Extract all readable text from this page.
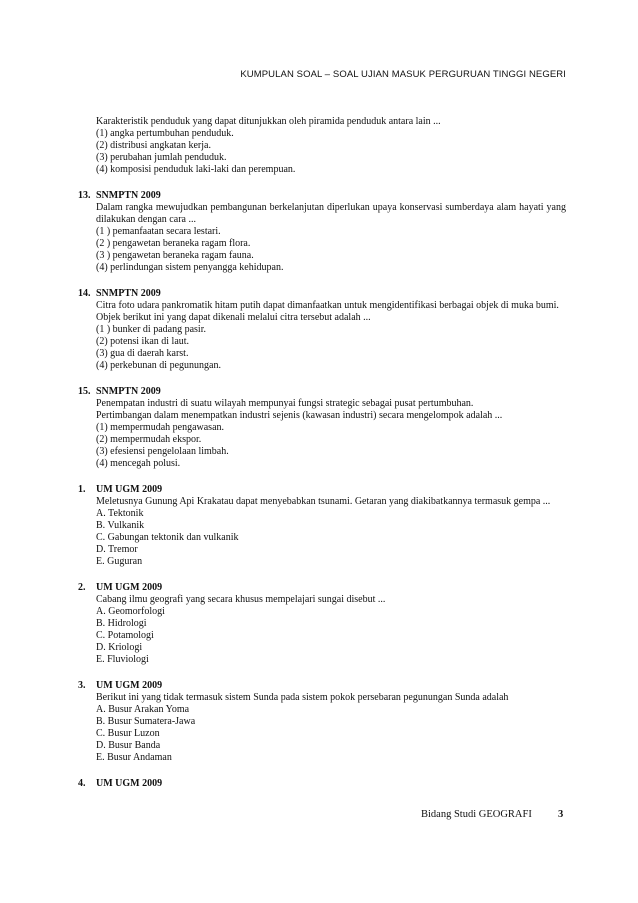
KUMPULAN SOAL – SOAL UJIAN MASUK PERGURUAN TINGGI NEGERI

Karakteristik penduduk yang dapat ditunjukkan oleh piramida penduduk antara lain ...

(1) angka pertumbuhan penduduk.
(2) distribusi angkatan kerja.
(3) perubahan jumlah penduduk.
(4) komposisi penduduk laki-laki dan perempuan.
13. SNMPTN 2009

Dalam rangka mewujudkan pembangunan berkelanjutan diperlukan upaya konservasi sumberdaya alam hayati yang dilakukan dengan cara ...

(1 ) pemanfaatan secara lestari.
(2 ) pengawetan beraneka ragam flora.
(3 ) pengawetan beraneka ragam fauna.
(4) perlindungan sistem penyangga kehidupan.
14. SNMPTN 2009

Citra foto udara pankromatik hitam putih dapat dimanfaatkan untuk mengidentifikasi berbagai objek di muka bumi.

Objek berikut ini yang dapat dikenali melalui citra tersebut adalah ...

(1 ) bunker di padang pasir.
(2) potensi ikan di laut.
(3) gua di daerah karst.
(4) perkebunan di pegunungan.
15. SNMPTN 2009

Penempatan industri di suatu wilayah mempunyai fungsi strategic sebagai pusat pertumbuhan.

Pertimbangan dalam menempatkan industri sejenis (kawasan industri) secara mengelompok adalah ...

(1) mempermudah pengawasan.
(2) mempermudah ekspor.
(3) efesiensi pengelolaan limbah.
(4) mencegah polusi.
1. UM UGM 2009

Meletusnya Gunung Api Krakatau dapat menyebabkan tsunami. Getaran yang diakibatkannya termasuk gempa ...

A. Tektonik
B. Vulkanik
C. Gabungan tektonik dan vulkanik
D. Tremor
E. Guguran
2. UM UGM 2009

Cabang ilmu geografi yang secara khusus mempelajari sungai disebut ...

A. Geomorfologi
B. Hidrologi
C. Potamologi
D. Kriologi
E. Fluviologi
3. UM UGM 2009

Berikut ini yang tidak termasuk sistem Sunda pada sistem pokok persebaran pegunungan Sunda adalah

A. Busur Arakan Yoma
B. Busur Sumatera-Jawa
C. Busur Luzon
D. Busur Banda
E. Busur Andaman
4. UM UGM 2009
Bidang Studi GEOGRAFI 3
